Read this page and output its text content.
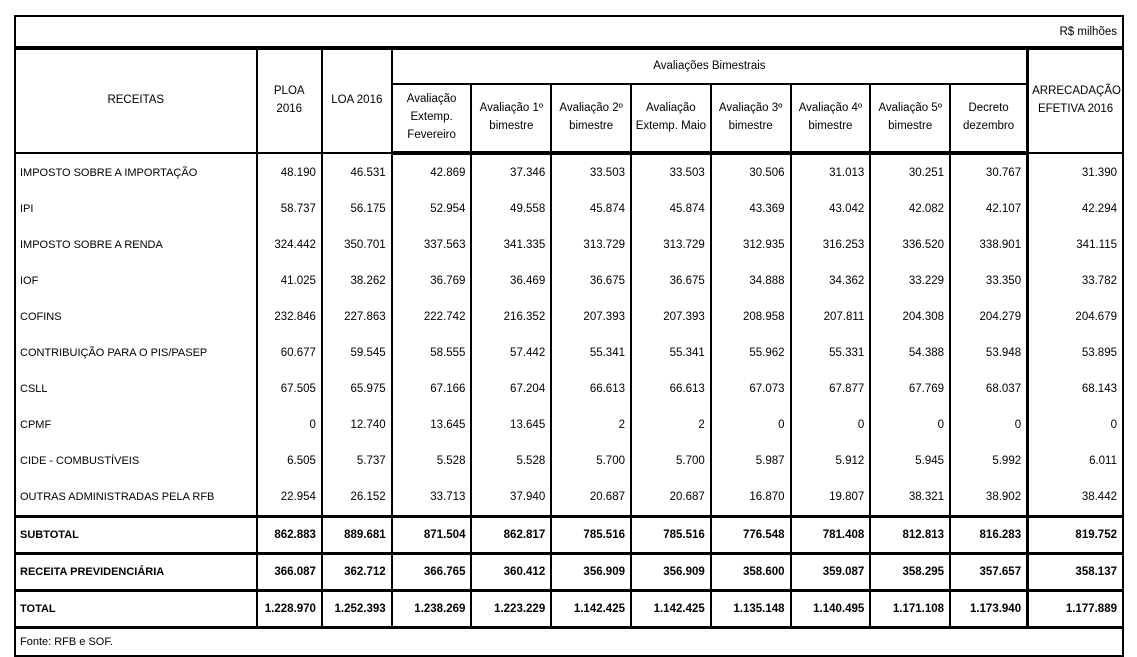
R$ milhões											
RECEITAS	PLOA 2016	LOA 2016	Avaliações Bimestrais								ARRECADAÇÃO EFETIVA 2016
			Avaliação Extemp. Fevereiro	Avaliação 1º bimestre	Avaliação 2º bimestre	Avaliação Extemp. Maio	Avaliação 3º bimestre	Avaliação 4º bimestre	Avaliação 5º bimestre	Decreto dezembro	
IMPOSTO SOBRE A IMPORTAÇÃO	48.190	46.531	42.869	37.346	33.503	33.503	30.506	31.013	30.251	30.767	31.390
IPI	58.737	56.175	52.954	49.558	45.874	45.874	43.369	43.042	42.082	42.107	42.294
IMPOSTO SOBRE A RENDA	324.442	350.701	337.563	341.335	313.729	313.729	312.935	316.253	336.520	338.901	341.115
IOF	41.025	38.262	36.769	36.469	36.675	36.675	34.888	34.362	33.229	33.350	33.782
COFINS	232.846	227.863	222.742	216.352	207.393	207.393	208.958	207.811	204.308	204.279	204.679
CONTRIBUIÇÃO PARA O PIS/PASEP	60.677	59.545	58.555	57.442	55.341	55.341	55.962	55.331	54.388	53.948	53.895
CSLL	67.505	65.975	67.166	67.204	66.613	66.613	67.073	67.877	67.769	68.037	68.143
CPMF	0	12.740	13.645	13.645	2	2	0	0	0	0	0
CIDE - COMBUSTÍVEIS	6.505	5.737	5.528	5.528	5.700	5.700	5.987	5.912	5.945	5.992	6.011
OUTRAS ADMINISTRADAS PELA RFB	22.954	26.152	33.713	37.940	20.687	20.687	16.870	19.807	38.321	38.902	38.442
SUBTOTAL	862.883	889.681	871.504	862.817	785.516	785.516	776.548	781.408	812.813	816.283	819.752
RECEITA PREVIDENCIÁRIA	366.087	362.712	366.765	360.412	356.909	356.909	358.600	359.087	358.295	357.657	358.137
TOTAL	1.228.970	1.252.393	1.238.269	1.223.229	1.142.425	1.142.425	1.135.148	1.140.495	1.171.108	1.173.940	1.177.889
Fonte: RFB e SOF.											
